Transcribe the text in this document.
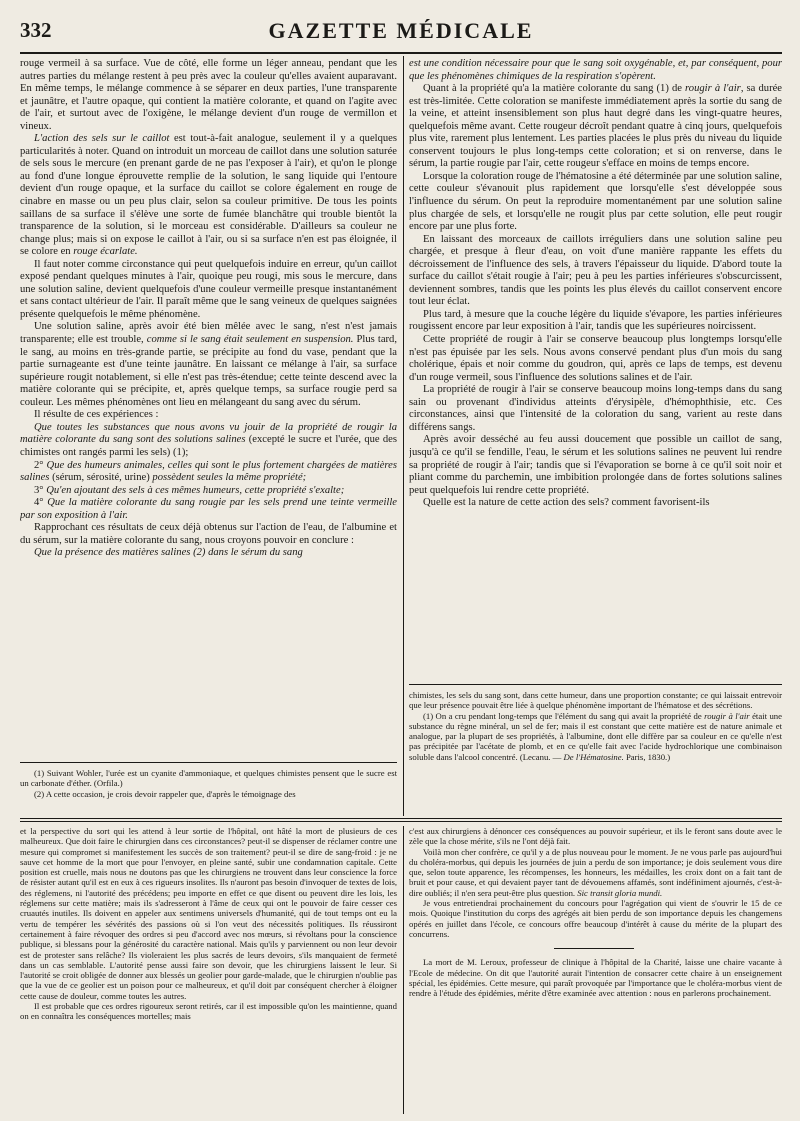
332	GAZETTE MÉDICALE

rouge vermeil à sa surface. Vue de côté, elle forme un léger anneau, pendant que les autres parties du mélange restent à peu près avec la couleur qu'elles avaient auparavant. En même temps, le mélange commence à se séparer en deux parties, l'une transparente et jaunâtre, et l'autre opaque, qui contient la matière colorante, et quand on l'agite avec de l'air, et surtout avec de l'oxigène, le mélange devient d'un rouge de vermillon et vineux.

L'action des sels sur le caillot est tout-à-fait analogue, seulement il y a quelques particularités à noter. Quand on introduit un morceau de caillot dans une solution saturée de sels sous le mercure (en prenant garde de ne pas l'exposer à l'air), et qu'on le plonge au fond d'une longue éprouvette remplie de la solution, le sang liquide qui l'entoure devient d'un rouge opaque, et la surface du caillot se colore également en rouge de cinabre en masse ou un peu plus clair, selon sa couleur primitive. De tous les points saillans de sa surface il s'élève une sorte de fumée blanchâtre qui trouble bientôt la transparence de la solution, si le morceau est considérable. D'ailleurs sa couleur ne change plus; mais si on expose le caillot à l'air, ou si sa surface n'en est pas éloignée, il se colore en rouge écarlate.

Il faut noter comme circonstance qui peut quelquefois induire en erreur, qu'un caillot exposé pendant quelques minutes à l'air, quoique peu rougi, mis sous le mercure, dans une solution saline, devient quelquefois d'une couleur vermeille presque instantanément et sans contact ultérieur de l'air. Il paraît même que le sang veineux de quelques saignées présente quelquefois le même phénomène.

Une solution saline, après avoir été bien mêlée avec le sang, n'est n'est jamais transparente; elle est trouble, comme si le sang était seulement en suspension. Plus tard, le sang, au moins en très-grande partie, se précipite au fond du vase, pendant que la partie surnageante est d'une teinte jaunâtre. En laissant ce mélange à l'air, sa surface supérieure rougit notablement, si elle n'est pas très-étendue; cette teinte descend avec la matière colorante qui se précipite, et, après quelque temps, sa surface rougie perd sa couleur. Les mêmes phénomènes ont lieu en mélangeant du sang avec du sérum.

Il résulte de ces expériences :

Que toutes les substances que nous avons vu jouir de la propriété de rougir la matière colorante du sang sont des solutions salines (excepté le sucre et l'urée, que des chimistes ont rangés parmi les sels) (1);

2° Que des humeurs animales, celles qui sont le plus fortement chargées de matières salines (sérum, sérosité, urine) possèdent seules la même propriété;

3° Qu'en ajoutant des sels à ces mêmes humeurs, cette propriété s'exalte;

4° Que la matière colorante du sang rougie par les sels prend une teinte vermeille par son exposition à l'air.

Rapprochant ces résultats de ceux déjà obtenus sur l'action de l'eau, de l'albumine et du sérum, sur la matière colorante du sang, nous croyons pouvoir en conclure :

Que la présence des matières salines (2) dans le sérum du sang

(1) Suivant Wohler, l'urée est un cyanite d'ammoniaque, et quelques chimistes pensent que le sucre est un carbonate d'éther. (Orfila.)

(2) A cette occasion, je crois devoir rappeler que, d'après le témoignage des

est une condition nécessaire pour que le sang soit oxygénable, et, par conséquent, pour que les phénomènes chimiques de la respiration s'opèrent.

Quant à la propriété qu'a la matière colorante du sang (1) de rougir à l'air, sa durée est très-limitée. Cette coloration se manifeste immédiatement après la sortie du sang de la veine, et atteint insensiblement son plus haut degré dans les vingt-quatre heures, quelquefois même avant. Cette rougeur décroît pendant quatre à cinq jours, quelquefois plus vite, rarement plus lentement. Les parties placées le plus près du niveau du liquide conservent toujours le plus long-temps cette coloration; et si on renverse, dans le sérum, la partie rougie par l'air, cette rougeur s'efface en moins de temps encore.

Lorsque la coloration rouge de l'hématosine a été déterminée par une solution saline, cette couleur s'évanouit plus rapidement que lorsqu'elle s'est développée sous l'influence du sérum. On peut la reproduire momentanément par une solution saline plus chargée de sels, et lorsqu'elle ne rougit plus par cette solution, elle peut rougir encore par une plus forte.

En laissant des morceaux de caillots irréguliers dans une solution saline peu chargée, et presque à fleur d'eau, on voit d'une manière rappante les effets du décroissement de l'influence des sels, à travers l'épaisseur du liquide. D'abord toute la surface du caillot s'était rougie à l'air; peu à peu les parties inférieures s'obscurcissent, deviennent sombres, tandis que les points les plus élevés du caillot conservent encore tout leur éclat.

Plus tard, à mesure que la couche légère du liquide s'évapore, les parties inférieures rougissent encore par leur exposition à l'air, tandis que les supérieures noircissent.

Cette propriété de rougir à l'air se conserve beaucoup plus longtemps lorsqu'elle n'est pas épuisée par les sels. Nous avons conservé pendant plus d'un mois du sang cholérique, épais et noir comme du goudron, qui, après ce laps de temps, est devenu d'un rouge vermeil, sous l'influence des solutions salines et de l'air.

La propriété de rougir à l'air se conserve beaucoup moins long-temps dans du sang sain ou provenant d'individus atteints d'érysipèle, d'hémophthisie, etc. Ces circonstances, ainsi que l'intensité de la coloration du sang, varient au reste dans différens sangs.

Après avoir desséché au feu aussi doucement que possible un caillot de sang, jusqu'à ce qu'il se fendille, l'eau, le sérum et les solutions salines ne peuvent lui rendre sa propriété de rougir à l'air; tandis que si l'évaporation se borne à ce qu'il soit noir et pliant comme du parchemin, une imbibition prolongée dans de fortes solutions salines peut quelquefois lui rendre cette propriété.

Quelle est la nature de cette action des sels? comment favorisent-ils

chimistes, les sels du sang sont, dans cette humeur, dans une proportion constante; ce qui laissait entrevoir que leur présence pouvait être liée à quelque phénomène important de l'hématose et des sécrétions.

(1) On a cru pendant long-temps que l'élément du sang qui avait la propriété de rougir à l'air était une substance du règne minéral, un sel de fer; mais il est constant que cette matière est de nature animale et analogue, par la plupart de ses propriétés, à l'albumine, dont elle diffère par sa couleur en ce qu'elle n'est pas précipitée par l'acétate de plomb, et en ce qu'elle fait avec l'acide hydrochlorique une combinaison soluble dans l'alcool concentré. (Lecanu. — De l'Hématosine. Paris, 1830.)

et la perspective du sort qui les attend à leur sortie de l'hôpital, ont hâté la mort de plusieurs de ces malheureux. Que doit faire le chirurgien dans ces circonstances? peut-il se dispenser de réclamer contre une mesure qui compromet si manifestement les succès de son traitement? peut-il se dire de sang-froid : je ne sauve cet homme de la mort que pour l'envoyer, en pleine santé, subir une condamnation capitale. Cette position est cruelle, mais nous ne doutons pas que les chirurgiens ne trouvent dans leur conscience la force de résister autant qu'il est en eux à ces rigueurs insolites. Ils n'auront pas besoin d'invoquer de textes de lois, des réglemens, ni l'autorité des précédens; peu importe en effet ce que disent ou peuvent dire les lois, les réglemens sur cette matière; mais ils s'adresseront à l'âme de ceux qui ont le pouvoir de faire cesser ces cruautés inutiles. Ils doivent en appeler aux sentimens universels d'humanité, qui de tout temps ont eu la vertu de tempérer les sévérités des passions où si l'on veut des nécessités politiques. Ils réussiront certainement à faire révoquer des ordres si peu d'accord avec nos mœurs, si révoltans pour la conscience publique, si blessans pour la générosité du caractère national. Mais qu'ils y parviennent ou non leur devoir est de protester sans relâche? Ils violeraient les plus sacrés de leurs devoirs, s'ils manquaient de fermeté dans un cas semblable. L'autorité pense aussi faire son devoir, que les chirurgiens laissent le leur. Si l'autorité se croit obligée de donner aux blessés un geolier pour garde-malade, que le chirurgien n'oublie pas que la vue de ce geolier est un poison pour ce malheureux, et qu'il doit par conséquent chercher à éloigner cette cause de douleur, comme toutes les autres.

Il est probable que ces ordres rigoureux seront retirés, car il est impossible qu'on les maintienne, quand on en connaîtra les conséquences mortelles; mais

c'est aux chirurgiens à dénoncer ces conséquences au pouvoir supérieur, et ils le feront sans doute avec le zèle que la chose mérite, s'ils ne l'ont déjà fait.

Voilà mon cher confrère, ce qu'il y a de plus nouveau pour le moment. Je ne vous parle pas aujourd'hui du choléra-morbus, qui depuis les journées de juin a perdu de son importance; je dois seulement vous dire que, selon toute apparence, les récompenses, les honneurs, les médailles, les croix dont on a fait tant de bruit et pour cause, et qui devaient payer tant de dévouemens affamés, sont indéfiniment ajournés, c'est-à-dire oubliés; il n'en sera peut-être plus question. Sic transit gloria mundi.

Je vous entretiendrai prochainement du concours pour l'agrégation qui vient de s'ouvrir le 15 de ce mois. Quoique l'institution du corps des agrégés ait bien perdu de son importance depuis les changemens opérés en juillet dans l'école, ce concours offre beaucoup d'intérêt à cause du mérite de la plupart des concurrens.

La mort de M. Leroux, professeur de clinique à l'hôpital de la Charité, laisse une chaire vacante à l'Ecole de médecine. On dit que l'autorité aurait l'intention de consacrer cette chaire à un enseignement spécial, les épidémies. Cette mesure, qui paraît provoquée par l'importance que le choléra-morbus vient de rendre à l'étude des épidémies, mérite d'être examinée avec attention : nous en parlerons prochainement.
